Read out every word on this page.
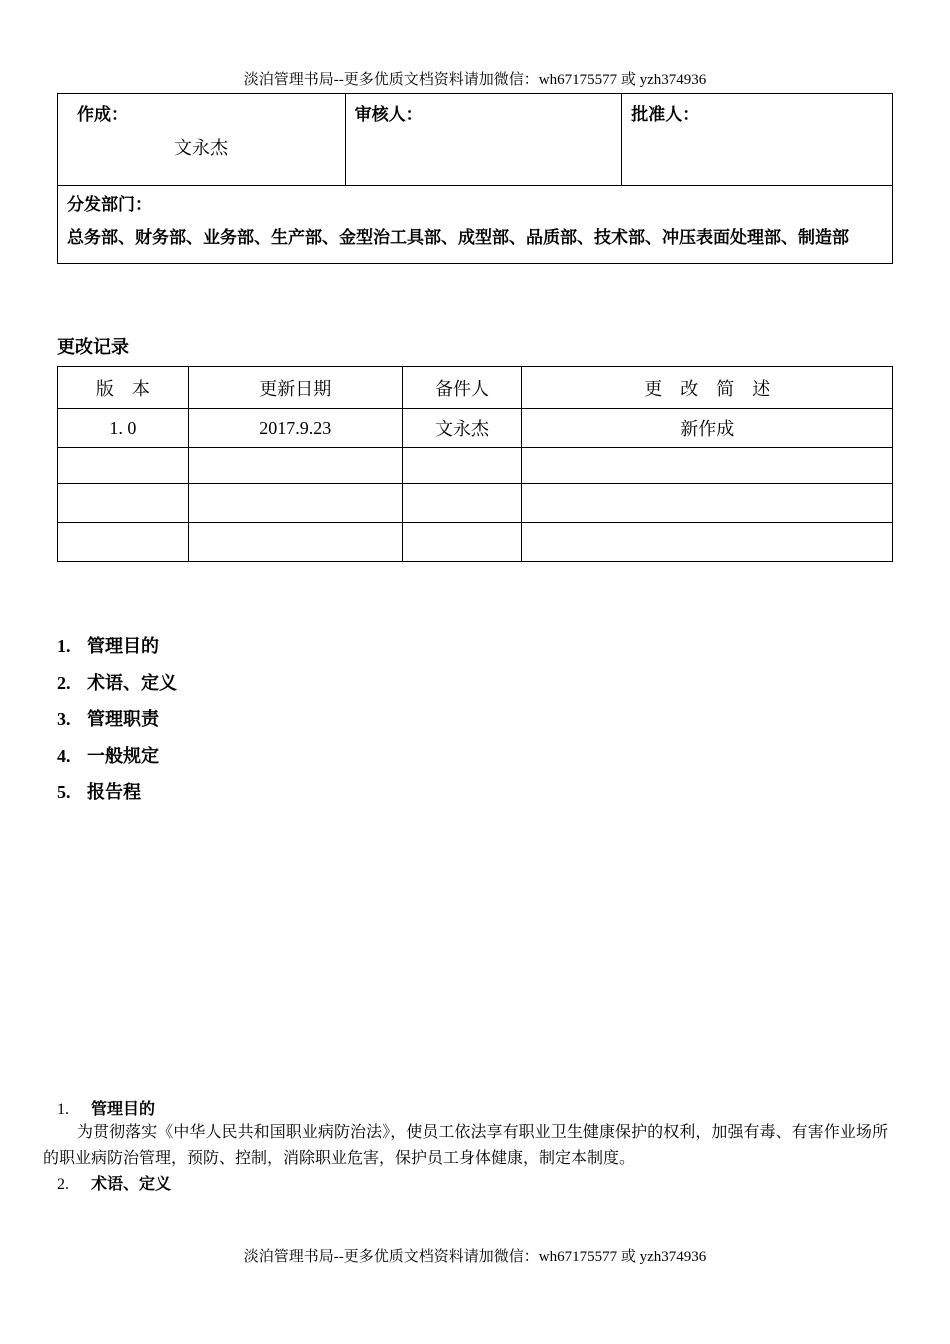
淡泊管理书局--更多优质文档资料请加微信：wh67175577 或 yzh374936
作成：
文永杰

审核人：	批准人：

分发部门：
总务部、财务部、业务部、生产部、金型治工具部、成型部、品质部、技术部、冲压表面处理部、制造部
更改记录
版　本	更新日期	备件人	更　改　简　述
1. 0	2017.9.23	文永杰	新作成

1. 管理目的
2. 术语、定义
3. 管理职责
4. 一般规定
5. 报告程
1. 管理目的
为贯彻落实《中华人民共和国职业病防治法》，使员工依法享有职业卫生健康保护的权利，加强有毒、有害作业场所的职业病防治管理，预防、控制，消除职业危害，保护员工身体健康，制定本制度。
2. 术语、定义
淡泊管理书局--更多优质文档资料请加微信：wh67175577 或 yzh374936
